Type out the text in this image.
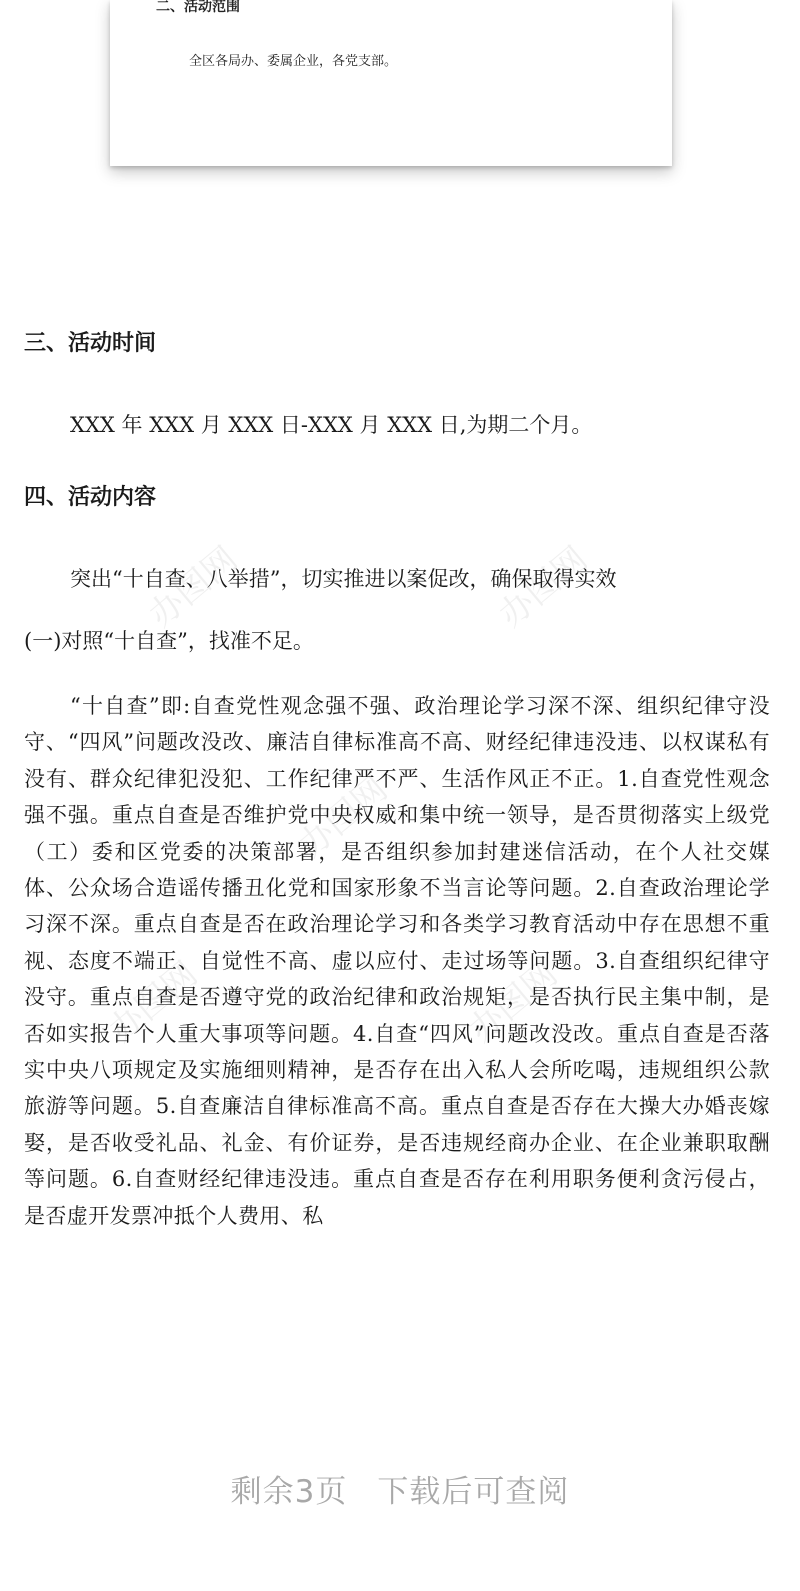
二、活动范围
全区各局办、委属企业，各党支部。
办图网	办图网
办图网
办图网	办图网
三、活动时间
XXX 年 XXX 月 XXX 日-XXX 月 XXX 日,为期二个月。
四、活动内容
突出“十自查、八举措”，切实推进以案促改，确保取得实效
(一)对照“十自查”，找准不足。
“十自查”即:自查党性观念强不强、政治理论学习深不深、组织纪律守没守、“四风”问题改没改、廉洁自律标准高不高、财经纪律违没违、以权谋私有没有、群众纪律犯没犯、工作纪律严不严、生活作风正不正。1.自查党性观念强不强。重点自查是否维护党中央权威和集中统一领导，是否贯彻落实上级党（工）委和区党委的决策部署，是否组织参加封建迷信活动，在个人社交媒体、公众场合造谣传播丑化党和国家形象不当言论等问题。2.自查政治理论学习深不深。重点自查是否在政治理论学习和各类学习教育活动中存在思想不重视、态度不端正、自觉性不高、虚以应付、走过场等问题。3.自查组织纪律守没守。重点自查是否遵守党的政治纪律和政治规矩，是否执行民主集中制，是否如实报告个人重大事项等问题。4.自查“四风”问题改没改。重点自查是否落实中央八项规定及实施细则精神，是否存在出入私人会所吃喝，违规组织公款旅游等问题。5.自查廉洁自律标准高不高。重点自查是否存在大操大办婚丧嫁娶，是否收受礼品、礼金、有价证券，是否违规经商办企业、在企业兼职取酬等问题。6.自查财经纪律违没违。重点自查是否存在利用职务便利贪污侵占，是否虚开发票冲抵个人费用、私
剩余3页 下载后可查阅
